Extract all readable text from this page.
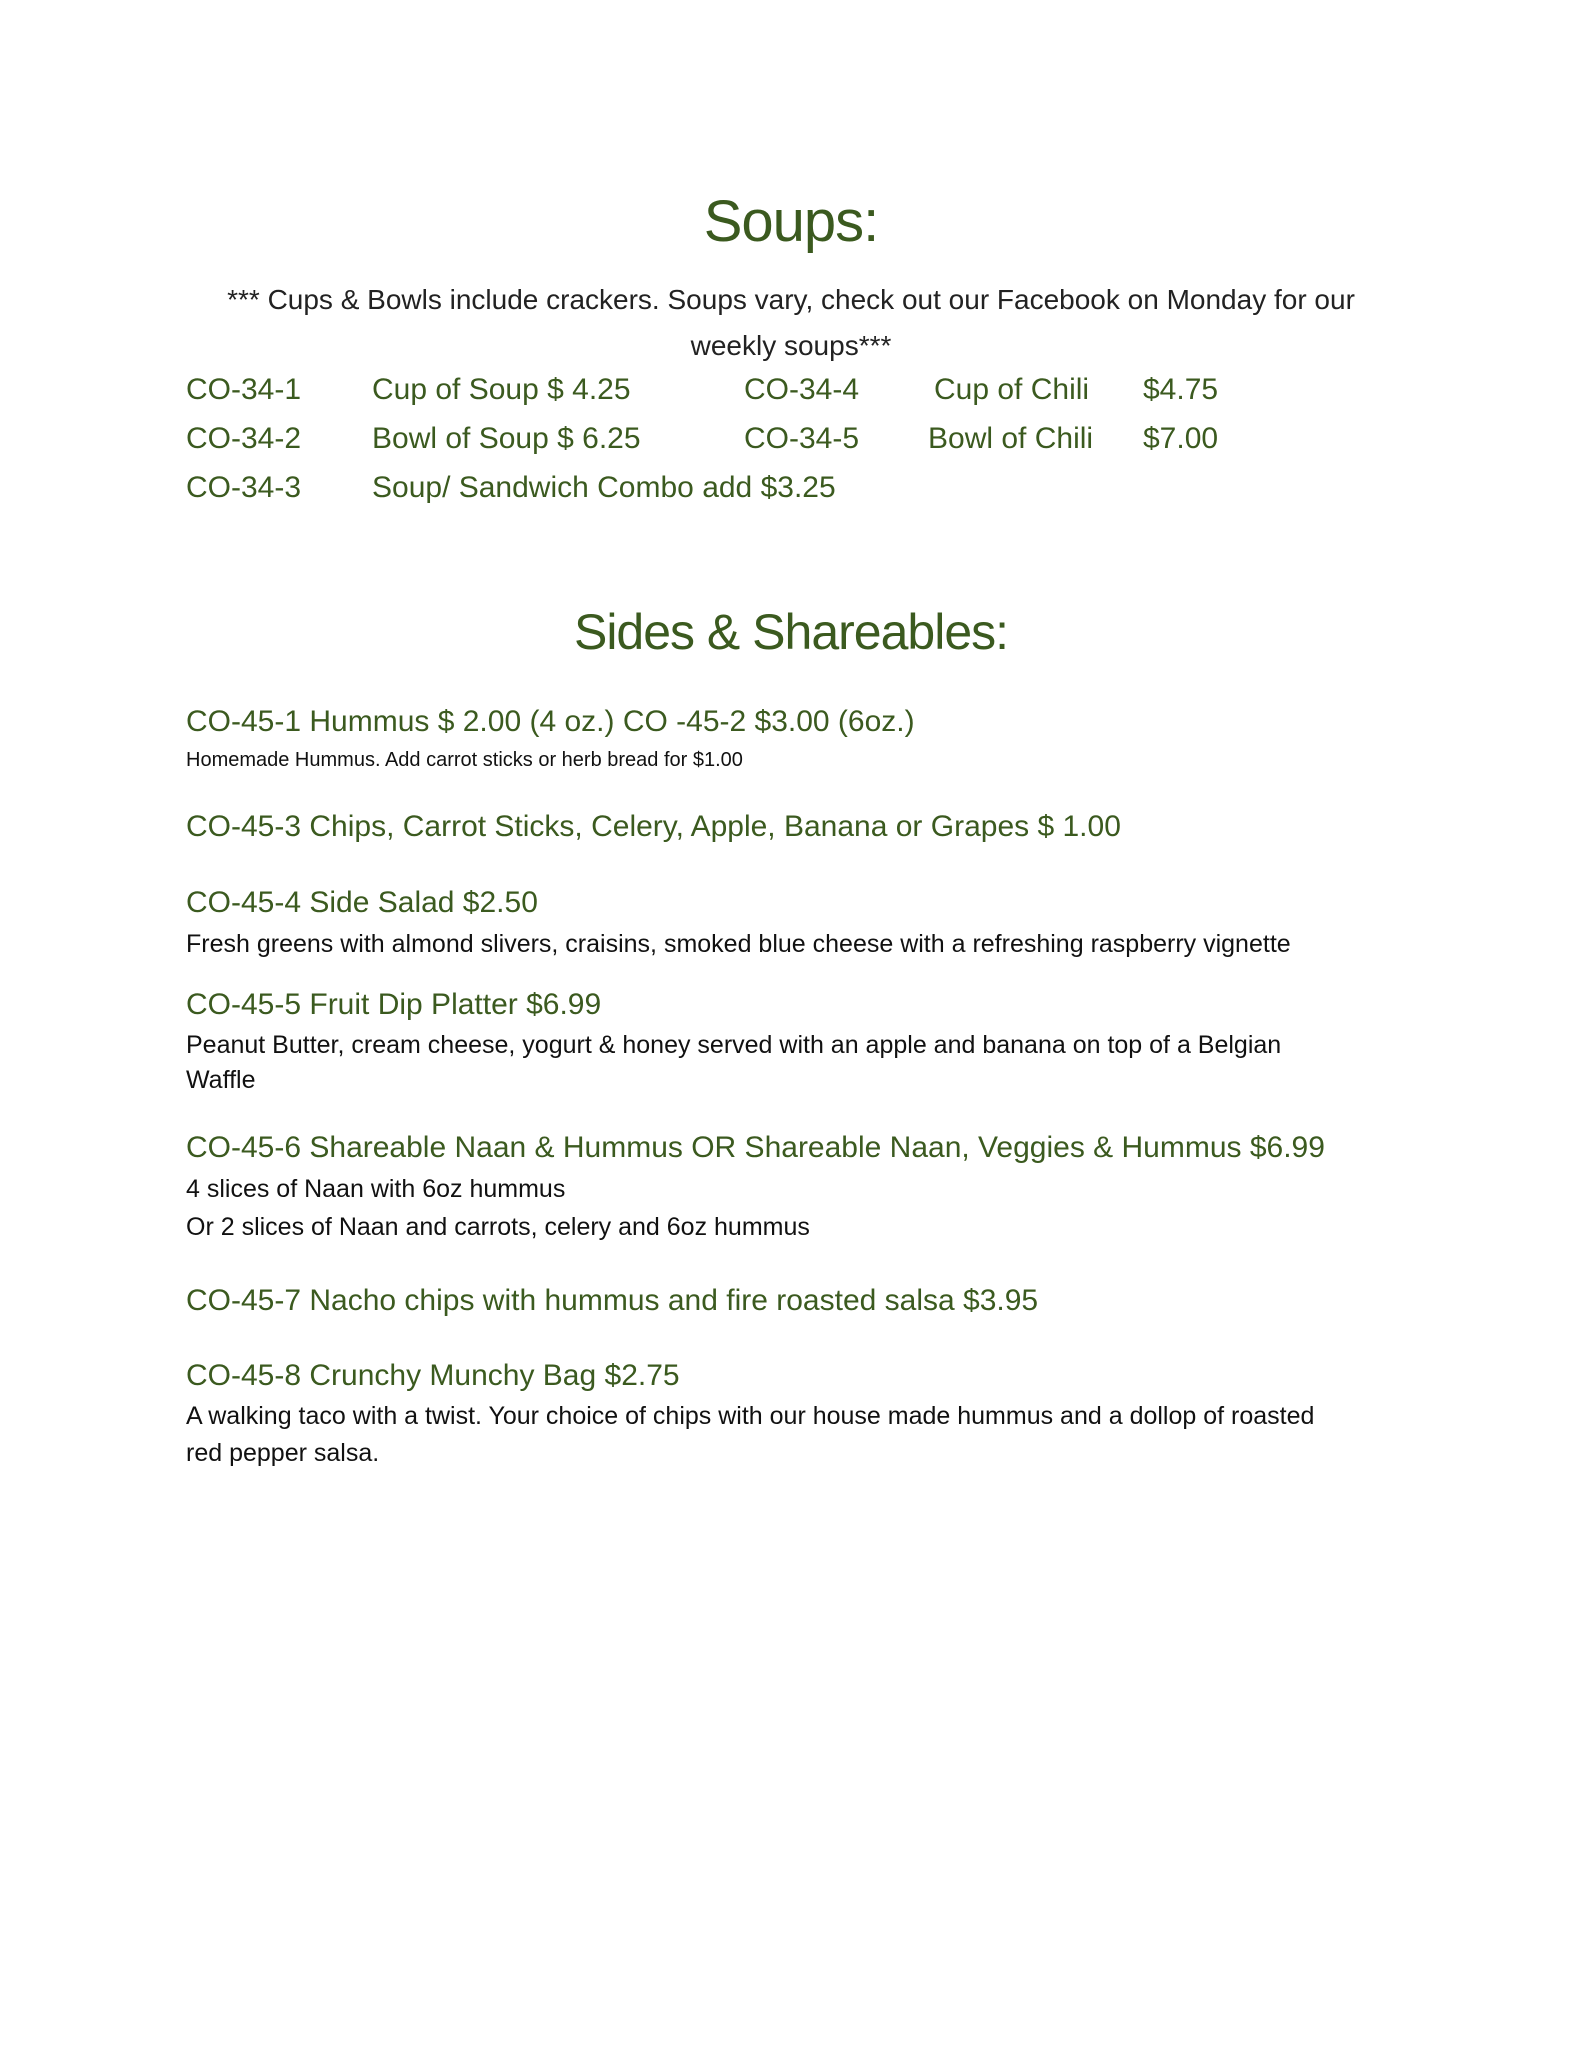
Soups:
*** Cups & Bowls include crackers. Soups vary, check out our Facebook on Monday for our
weekly soups***
CO-34-1 Cup of Soup $ 4.25	CO-34-4 Cup of Chili $4.75
CO-34-2 Bowl of Soup $ 6.25	CO-34-5 Bowl of Chili $7.00
CO-34-3 Soup/ Sandwich Combo add $3.25
Sides & Shareables:
CO-45-1 Hummus $ 2.00 (4 oz.) CO -45-2 $3.00 (6oz.)
Homemade Hummus. Add carrot sticks or herb bread for $1.00
CO-45-3 Chips, Carrot Sticks, Celery, Apple, Banana or Grapes $ 1.00
CO-45-4 Side Salad $2.50
Fresh greens with almond slivers, craisins, smoked blue cheese with a refreshing raspberry vignette
CO-45-5 Fruit Dip Platter $6.99
Peanut Butter, cream cheese, yogurt & honey served with an apple and banana on top of a Belgian
Waffle
CO-45-6 Shareable Naan & Hummus OR Shareable Naan, Veggies & Hummus $6.99
4 slices of Naan with 6oz hummus
Or 2 slices of Naan and carrots, celery and 6oz hummus
CO-45-7 Nacho chips with hummus and fire roasted salsa $3.95
CO-45-8 Crunchy Munchy Bag $2.75
A walking taco with a twist. Your choice of chips with our house made hummus and a dollop of roasted
red pepper salsa.
